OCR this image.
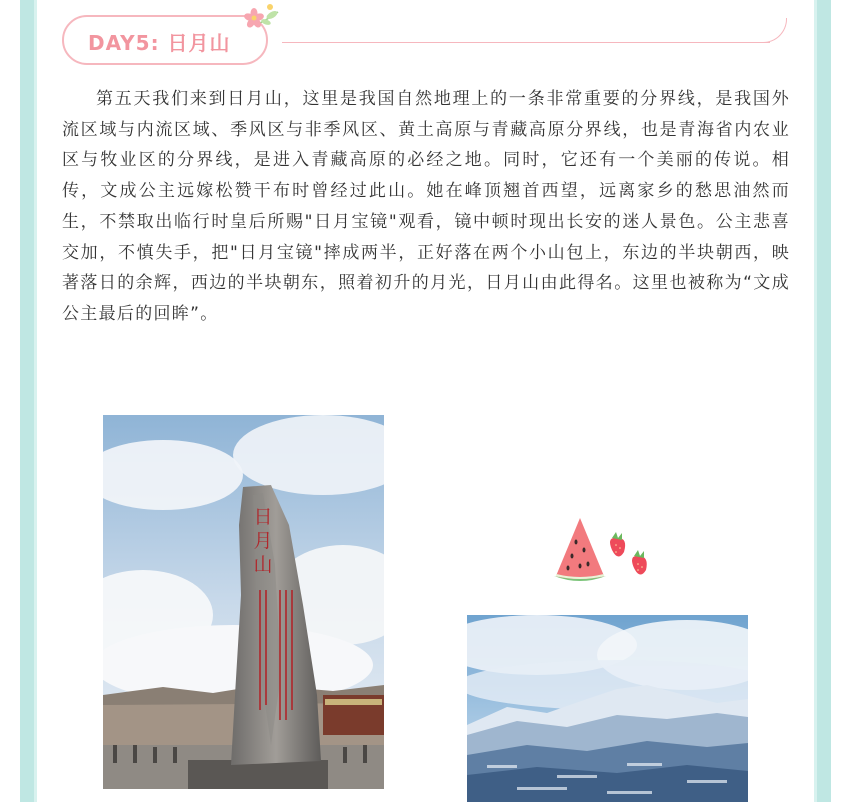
DAY5: 日月山

第五天我们来到日月山，这里是我国自然地理上的一条非常重要的分界线，是我国外流区域与内流区域、季风区与非季风区、黄土高原与青藏高原分界线，也是青海省内农业区与牧业区的分界线，是进入青藏高原的必经之地。同时，它还有一个美丽的传说。相传，文成公主远嫁松赞干布时曾经过此山。她在峰顶翘首西望，远离家乡的愁思油然而生，不禁取出临行时皇后所赐"日月宝镜"观看，镜中顿时现出长安的迷人景色。公主悲喜交加，不慎失手，把"日月宝镜"摔成两半，正好落在两个小山包上，东边的半块朝西，映著落日的余辉，西边的半块朝东，照着初升的月光，日月山由此得名。这里也被称为“文成公主最后的回眸”。

日
月
山
